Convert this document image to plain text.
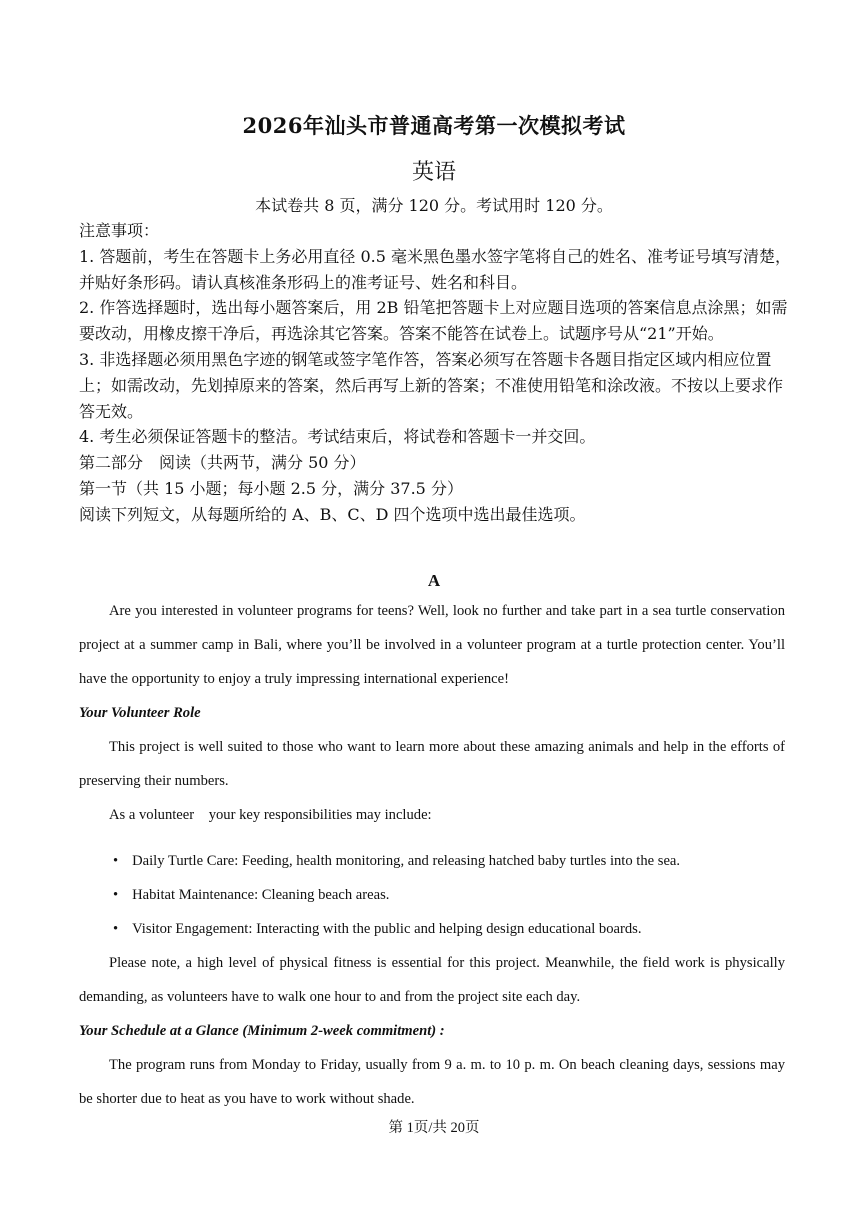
2026年汕头市普通高考第一次模拟考试
英语
本试卷共 8 页，满分 120 分。考试用时 120 分。

注意事项：

1. 答题前，考生在答题卡上务必用直径 0.5 毫米黑色墨水签字笔将自己的姓名、准考证号填写清楚，并贴好条形码。请认真核准条形码上的准考证号、姓名和科目。

2. 作答选择题时，选出每小题答案后，用 2B 铅笔把答题卡上对应题目选项的答案信息点涂黑；如需要改动，用橡皮擦干净后，再选涂其它答案。答案不能答在试卷上。试题序号从“21”开始。

3. 非选择题必须用黑色字迹的钢笔或签字笔作答，答案必须写在答题卡各题目指定区域内相应位置上；如需改动，先划掉原来的答案，然后再写上新的答案；不准使用铅笔和涂改液。不按以上要求作答无效。

4. 考生必须保证答题卡的整洁。考试结束后，将试卷和答题卡一并交回。

第二部分　阅读（共两节，满分 50 分）

第一节（共 15 小题；每小题 2.5 分，满分 37.5 分）

阅读下列短文，从每题所给的 A、B、C、D 四个选项中选出最佳选项。

A

Are you interested in volunteer programs for teens? Well, look no further and take part in a sea turtle conservation project at a summer camp in Bali, where you’ll be involved in a volunteer program at a turtle protection center. You’ll have the opportunity to enjoy a truly impressing international experience!

Your Volunteer Role

This project is well suited to those who want to learn more about these amazing animals and help in the efforts of preserving their numbers.

As a volunteer　your key responsibilities may include:

• Daily Turtle Care: Feeding, health monitoring, and releasing hatched baby turtles into the sea.

• Habitat Maintenance: Cleaning beach areas.

• Visitor Engagement: Interacting with the public and helping design educational boards.

Please note, a high level of physical fitness is essential for this project. Meanwhile, the field work is physically demanding, as volunteers have to walk one hour to and from the project site each day.

Your Schedule at a Glance (Minimum 2-week commitment) :

The program runs from Monday to Friday, usually from 9 a. m. to 10 p. m. On beach cleaning days, sessions may be shorter due to heat as you have to work without shade.

第 1页/共 20页
